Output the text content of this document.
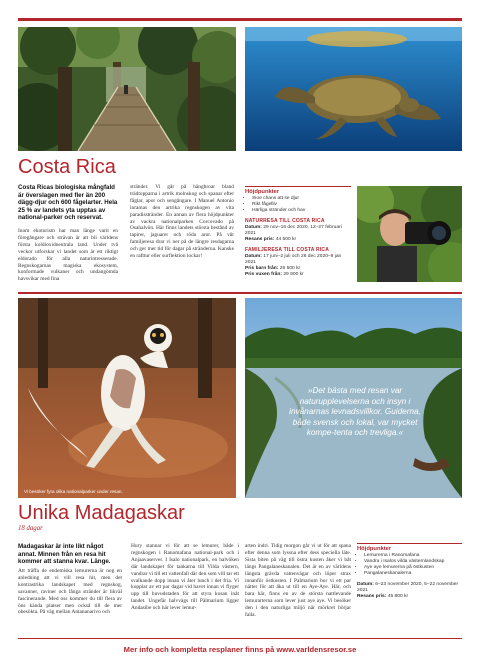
Costa Rica

Costa Ricas biologiska mångfald är överslagen med fler än 200 dägg-djur och 600 fågelarter. Hela 25 % av landets yta upptas av national-parker och reservat.

Inom ekoturism har man länge varit en föregångare och strävan är att bli världens första koldioxidneutrala land. Under två veckor utforskar vi landet som är ett riktigt eldorado för alla naturintresserade. Regnskogarnas magiska ekosystem, konformade vulkaner och undangömda havsvikar med fina

stränder. Vi går på hängbroar bland trädtopparna i artrik molnskog och spanar efter fåglar, apor och sengångare. I Manuel Antonio inramas den artrika regnskogen av vita paradisstränder. En annan av flera höjdpunkter av vackra nationalparken Corcovado på Osahalvön. Här finns landets största bestånd av tapirer, jaguarer och röda aror. På vår familjeresa drar vi ner på de längre resdagarna och ger mer tid för dagar på stränderna. Kanske en rafttur eller surflektion lockar!

Höjdpunkter

• Sioe chans att se djur
• Rikt fågelliv
• Härliga stränder och hav

NATURRESA TILL COSTA RICA

Datum: 29 nov–16 dec 2020, 12–27 februari 2021

Resans pris: 44 500 kr

FAMILJERESA TILL COSTA RICA

Datum: 17 juni–2 juli och 26 dec 2020–9 jan 2021

Pris barn från: 26 500 kr

Pris vuxen från: 29 900 kr

Vi besöker fyra olika nationalparker under resan.
»Det bästa med resan var naturupplevelserna och insyn i invånarnas levnadsvillkor. Guiderna, både svensk och lokal, var mycket kompe-tenta och trevliga.«
Unika Madagaskar
18 dagar

Madagaskar är inte likt något annat. Minnen från en resa hit kommer att stanna kvar. Länge.

Att träffa de endemiska lemurerna är nog en anledning att vi vill resa hit, men det kontrastrika landskapet med regnskog, savanner, raviner och långa stränder är likväl fascinerande. Med oss kommer du till flera av öns kända platser men också till de mer obesökta. På väg mellan Antananarivo och

Hury stannar vi för att se lemurer, både i regnskogen i Ranomafana national-park och i Anjaavaserver. I Isalo nationalpark, en halvöken där landskapet för tankarna till Vilda västern, vandrar vi till ett vattenfall där den som vill tar ett svalkande dopp innan vi åter lunch i det fria. Vi kopplar av ett par dagar vid havet innan vi flyger upp till huvudstaden för att styra kosan inåt landet. Ungefär halvvägs till Pälmarium ligger Andasibe och här lever lemur-

arten indri. Tidig morgon går vi ut för att spana efter denna som lyssna efter dess speciella läte. Sista biten på väg till östra kusten åker vi båt längs Pangalaneskanalen. Det är en av världens längsta grävda vattenvägar och löper strax innanför östkusten. I Palmarium bor vi ett par nätter för att åka ut till en Aye-Aye. Här, och bara här, finns en av de största nattlevande lemurarterna som lever just aye aye. Vi besöker den i den naturliga miljö när mörkret börjar falla.

Höjdpunkter

• Lemurerna i Ranomafana
• Vandra i Isalos vilda västernlandskap
• Aye aye lemurerna på östkusten
• Pangalaneskanalerna

Datum: 6–23 november 2020, 5–22 november 2021

Resans pris: 45 800 kr

Mer info och kompletta resplaner finns på www.varldensresor.se
